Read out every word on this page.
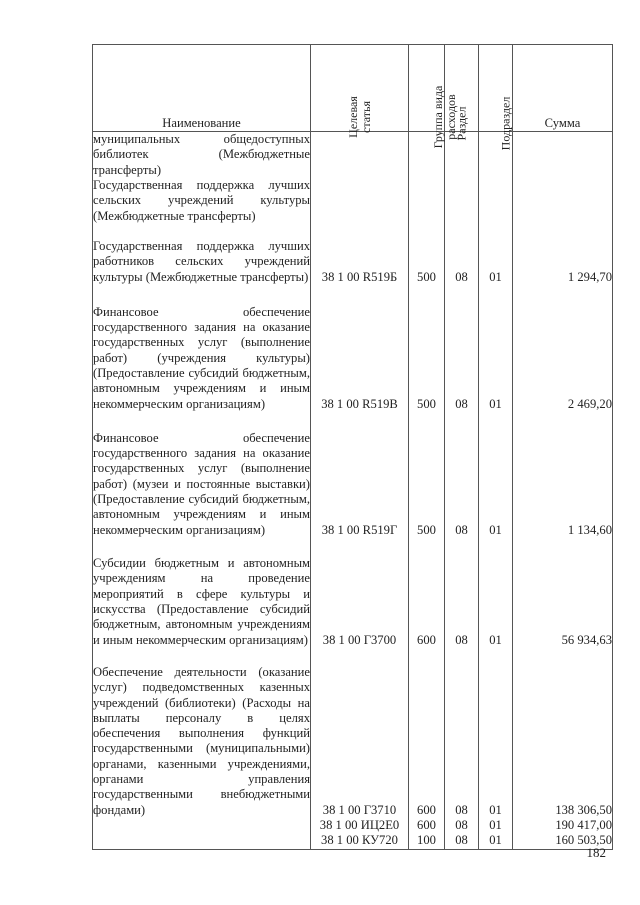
Наименование	Целевая статья	Группа вида расходов	Раздел	Подраздел	Сумма
муниципальных общедоступных библиотек (Межбюджетные трансферты)					
Государственная поддержка лучших сельских учреждений культуры (Межбюджетные трансферты)					
Государственная поддержка лучших работников сельских учреждений культуры (Межбюджетные трансферты)	38 1 00 R519Б	500	08	01	1 294,70
Финансовое обеспечение государственного задания на оказание государственных услуг (выполнение работ) (учреждения культуры) (Предоставление субсидий бюджетным, автономным учреждениям и иным некоммерческим организациям)	38 1 00 R519В	500	08	01	2 469,20
Финансовое обеспечение государственного задания на оказание государственных услуг (выполнение работ) (музеи и постоянные выставки) (Предоставление субсидий бюджетным, автономным учреждениям и иным некоммерческим организациям)	38 1 00 R519Г	500	08	01	1 134,60
Субсидии бюджетным и автономным учреждениям на проведение мероприятий в сфере культуры и искусства (Предоставление субсидий бюджетным, автономным учреждениям и иным некоммерческим организациям)	38 1 00 Г3700	600	08	01	56 934,63
Обеспечение деятельности (оказание услуг) подведомственных казенных учреждений (библиотеки) (Расходы на выплаты персоналу в целях обеспечения выполнения функций государственными (муниципальными) органами, казенными учреждениями, органами управления государственными внебюджетными фондами)	38 1 00 Г3710	600	08	01	138 306,50
	38 1 00 ИЦ2Е0	600	08	01	190 417,00
	38 1 00 КУ720	100	08	01	160 503,50
182
